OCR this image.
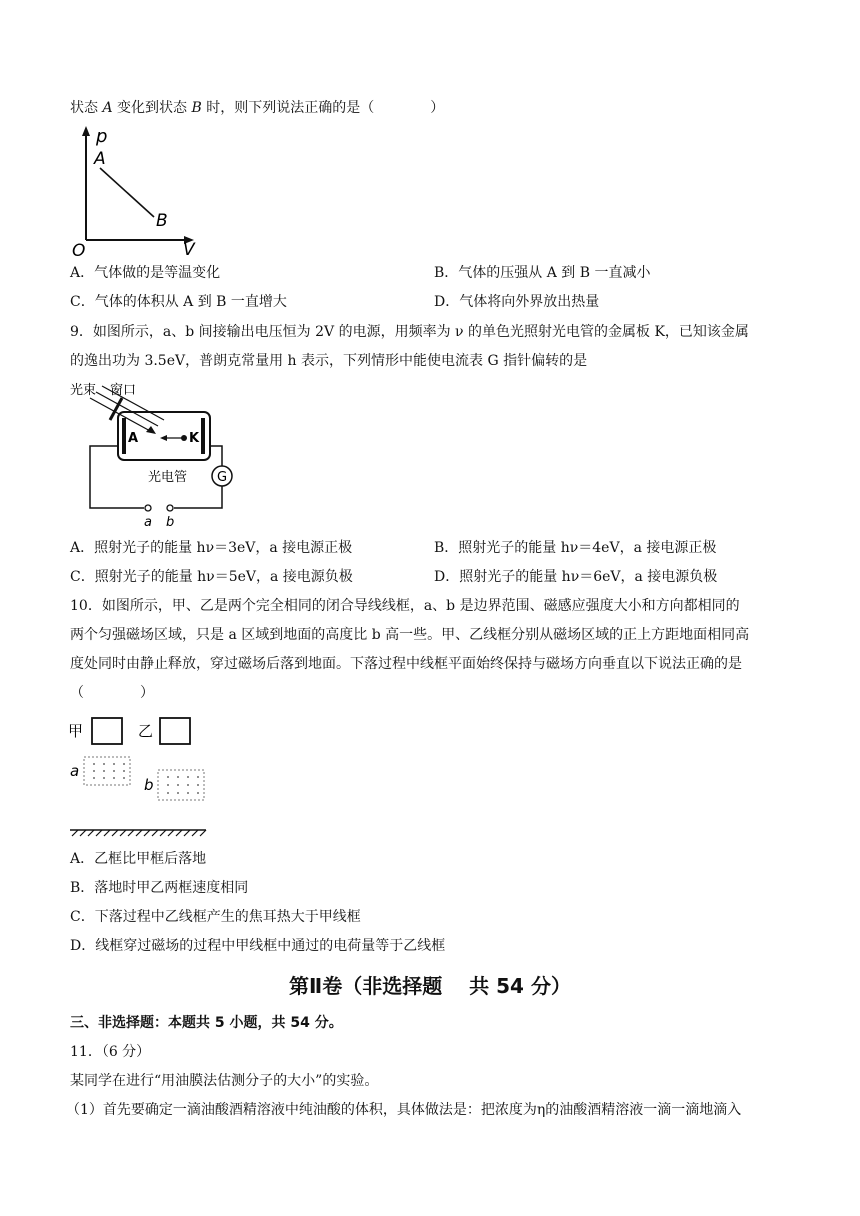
状态 A 变化到状态 B 时，则下列说法正确的是（　　　　）
p
A
B
O	V
A．气体做的是等温变化	B．气体的压强从 A 到 B 一直减小
C．气体的体积从 A 到 B 一直增大	D．气体将向外界放出热量
9．如图所示，a、b 间接输出电压恒为 2V 的电源，用频率为 ν 的单色光照射光电管的金属板 K，已知该金属
的逸出功为 3.5eV，普朗克常量用 h 表示，下列情形中能使电流表 G 指针偏转的是
光束 窗口
A	K
光电管 G
a b
A．照射光子的能量 hν＝3eV，a 接电源正极	B．照射光子的能量 hν＝4eV，a 接电源正极
C．照射光子的能量 hν＝5eV，a 接电源负极	D．照射光子的能量 hν＝6eV，a 接电源负极
10．如图所示，甲、乙是两个完全相同的闭合导线线框，a、b 是边界范围、磁感应强度大小和方向都相同的
两个匀强磁场区域，只是 a 区域到地面的高度比 b 高一些。甲、乙线框分别从磁场区域的正上方距地面相同高
度处同时由静止释放，穿过磁场后落到地面。下落过程中线框平面始终保持与磁场方向垂直以下说法正确的是
（　　　　）
甲	乙
a
b
A．乙框比甲框后落地
B．落地时甲乙两框速度相同
C．下落过程中乙线框产生的焦耳热大于甲线框
D．线框穿过磁场的过程中甲线框中通过的电荷量等于乙线框
第Ⅱ卷（非选择题　 共 54 分）
三、非选择题：本题共 5 小题，共 54 分。
11．（6 分）
某同学在进行“用油膜法估测分子的大小”的实验。
（1）首先要确定一滴油酸酒精溶液中纯油酸的体积，具体做法是：把浓度为η的油酸酒精溶液一滴一滴地滴入
